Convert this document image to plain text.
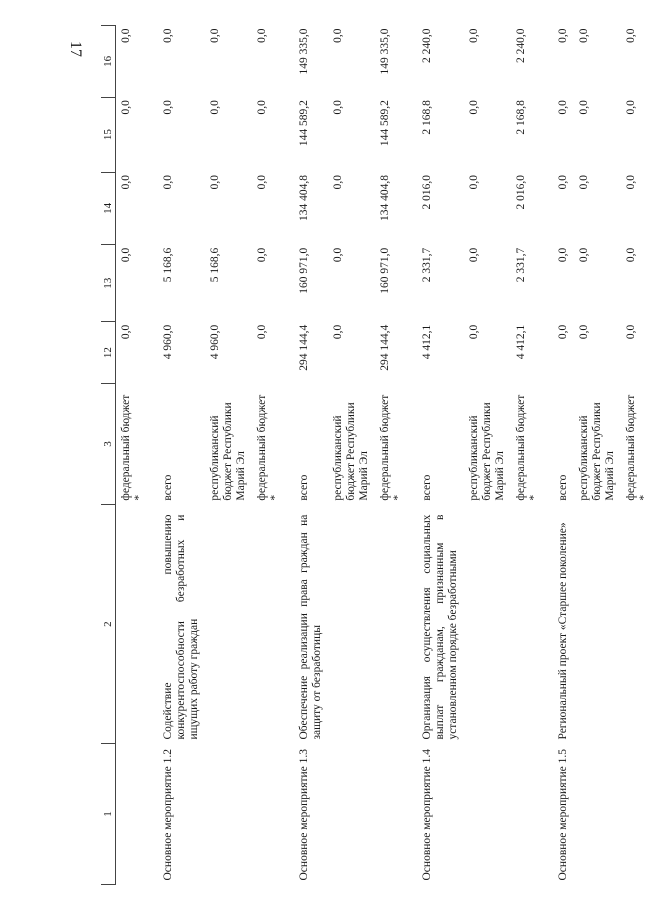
17
1	2	3	12	13	14	15	16
		федеральный бюджет *	0,0	0,0	0,0	0,0	0,0
Основное мероприятие 1.2	Содействие повышению конкурентоспособности безработных и ищущих работу граждан	всего	4 960,0	5 168,6	0,0	0,0	0,0
		республиканский бюджет Республики Марий Эл	4 960,0	5 168,6	0,0	0,0	0,0
		федеральный бюджет *	0,0	0,0	0,0	0,0	0,0
Основное мероприятие 1.3	Обеспечение реализации права граждан на защиту от безработицы	всего	294 144,4	160 971,0	134 404,8	144 589,2	149 335,0
		республиканский бюджет Республики Марий Эл	0,0	0,0	0,0	0,0	0,0
		федеральный бюджет *	294 144,4	160 971,0	134 404,8	144 589,2	149 335,0
Основное мероприятие 1.4	Организация осуществления социальных выплат гражданам, признанным в установленном порядке безработными	всего	4 412,1	2 331,7	2 016,0	2 168,8	2 240,0
		республиканский бюджет Республики Марий Эл	0,0	0,0	0,0	0,0	0,0
		федеральный бюджет *	4 412,1	2 331,7	2 016,0	2 168,8	2 240,0
Основное мероприятие 1.5	Региональный проект «Старшее поколение»	всего	0,0	0,0	0,0	0,0	0,0
		республиканский бюджет Республики Марий Эл	0,0	0,0	0,0	0,0	0,0
		федеральный бюджет *	0,0	0,0	0,0	0,0	0,0
